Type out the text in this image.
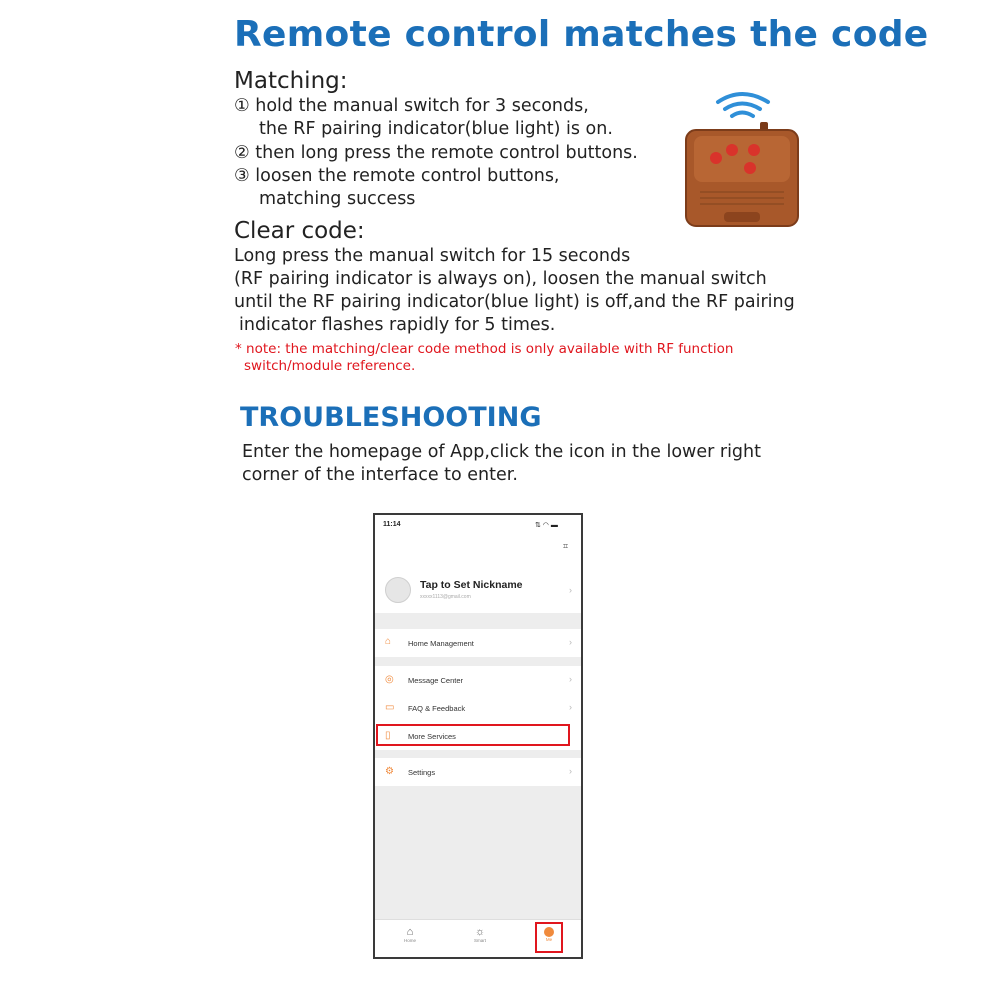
Remote control matches the code
Matching:
① hold the manual switch for 3 seconds,
the RF pairing indicator(blue light) is on.
② then long press the remote control buttons.
③ loosen the remote control buttons,
matching success
Clear code:
Long press the manual switch for 15 seconds
(RF pairing indicator is always on), loosen the manual switch
until the RF pairing indicator(blue light) is off,and the RF pairing
indicator flashes rapidly for 5 times.
* note: the matching/clear code method is only available with RF function
switch/module reference.
TROUBLESHOOTING
Enter the homepage of App,click the icon in the lower right
corner of the interface to enter.
11:14	⇅ ◠ ▬
⌗
Tap to Set Nickname
xxxxx1113@gmail.com
›
⌂ Home Management	›
◎ Message Center	›
▭ FAQ & Feedback	›
▯ More Services
⚙ Settings	›
⌂
Home
☼
Smart	Me
